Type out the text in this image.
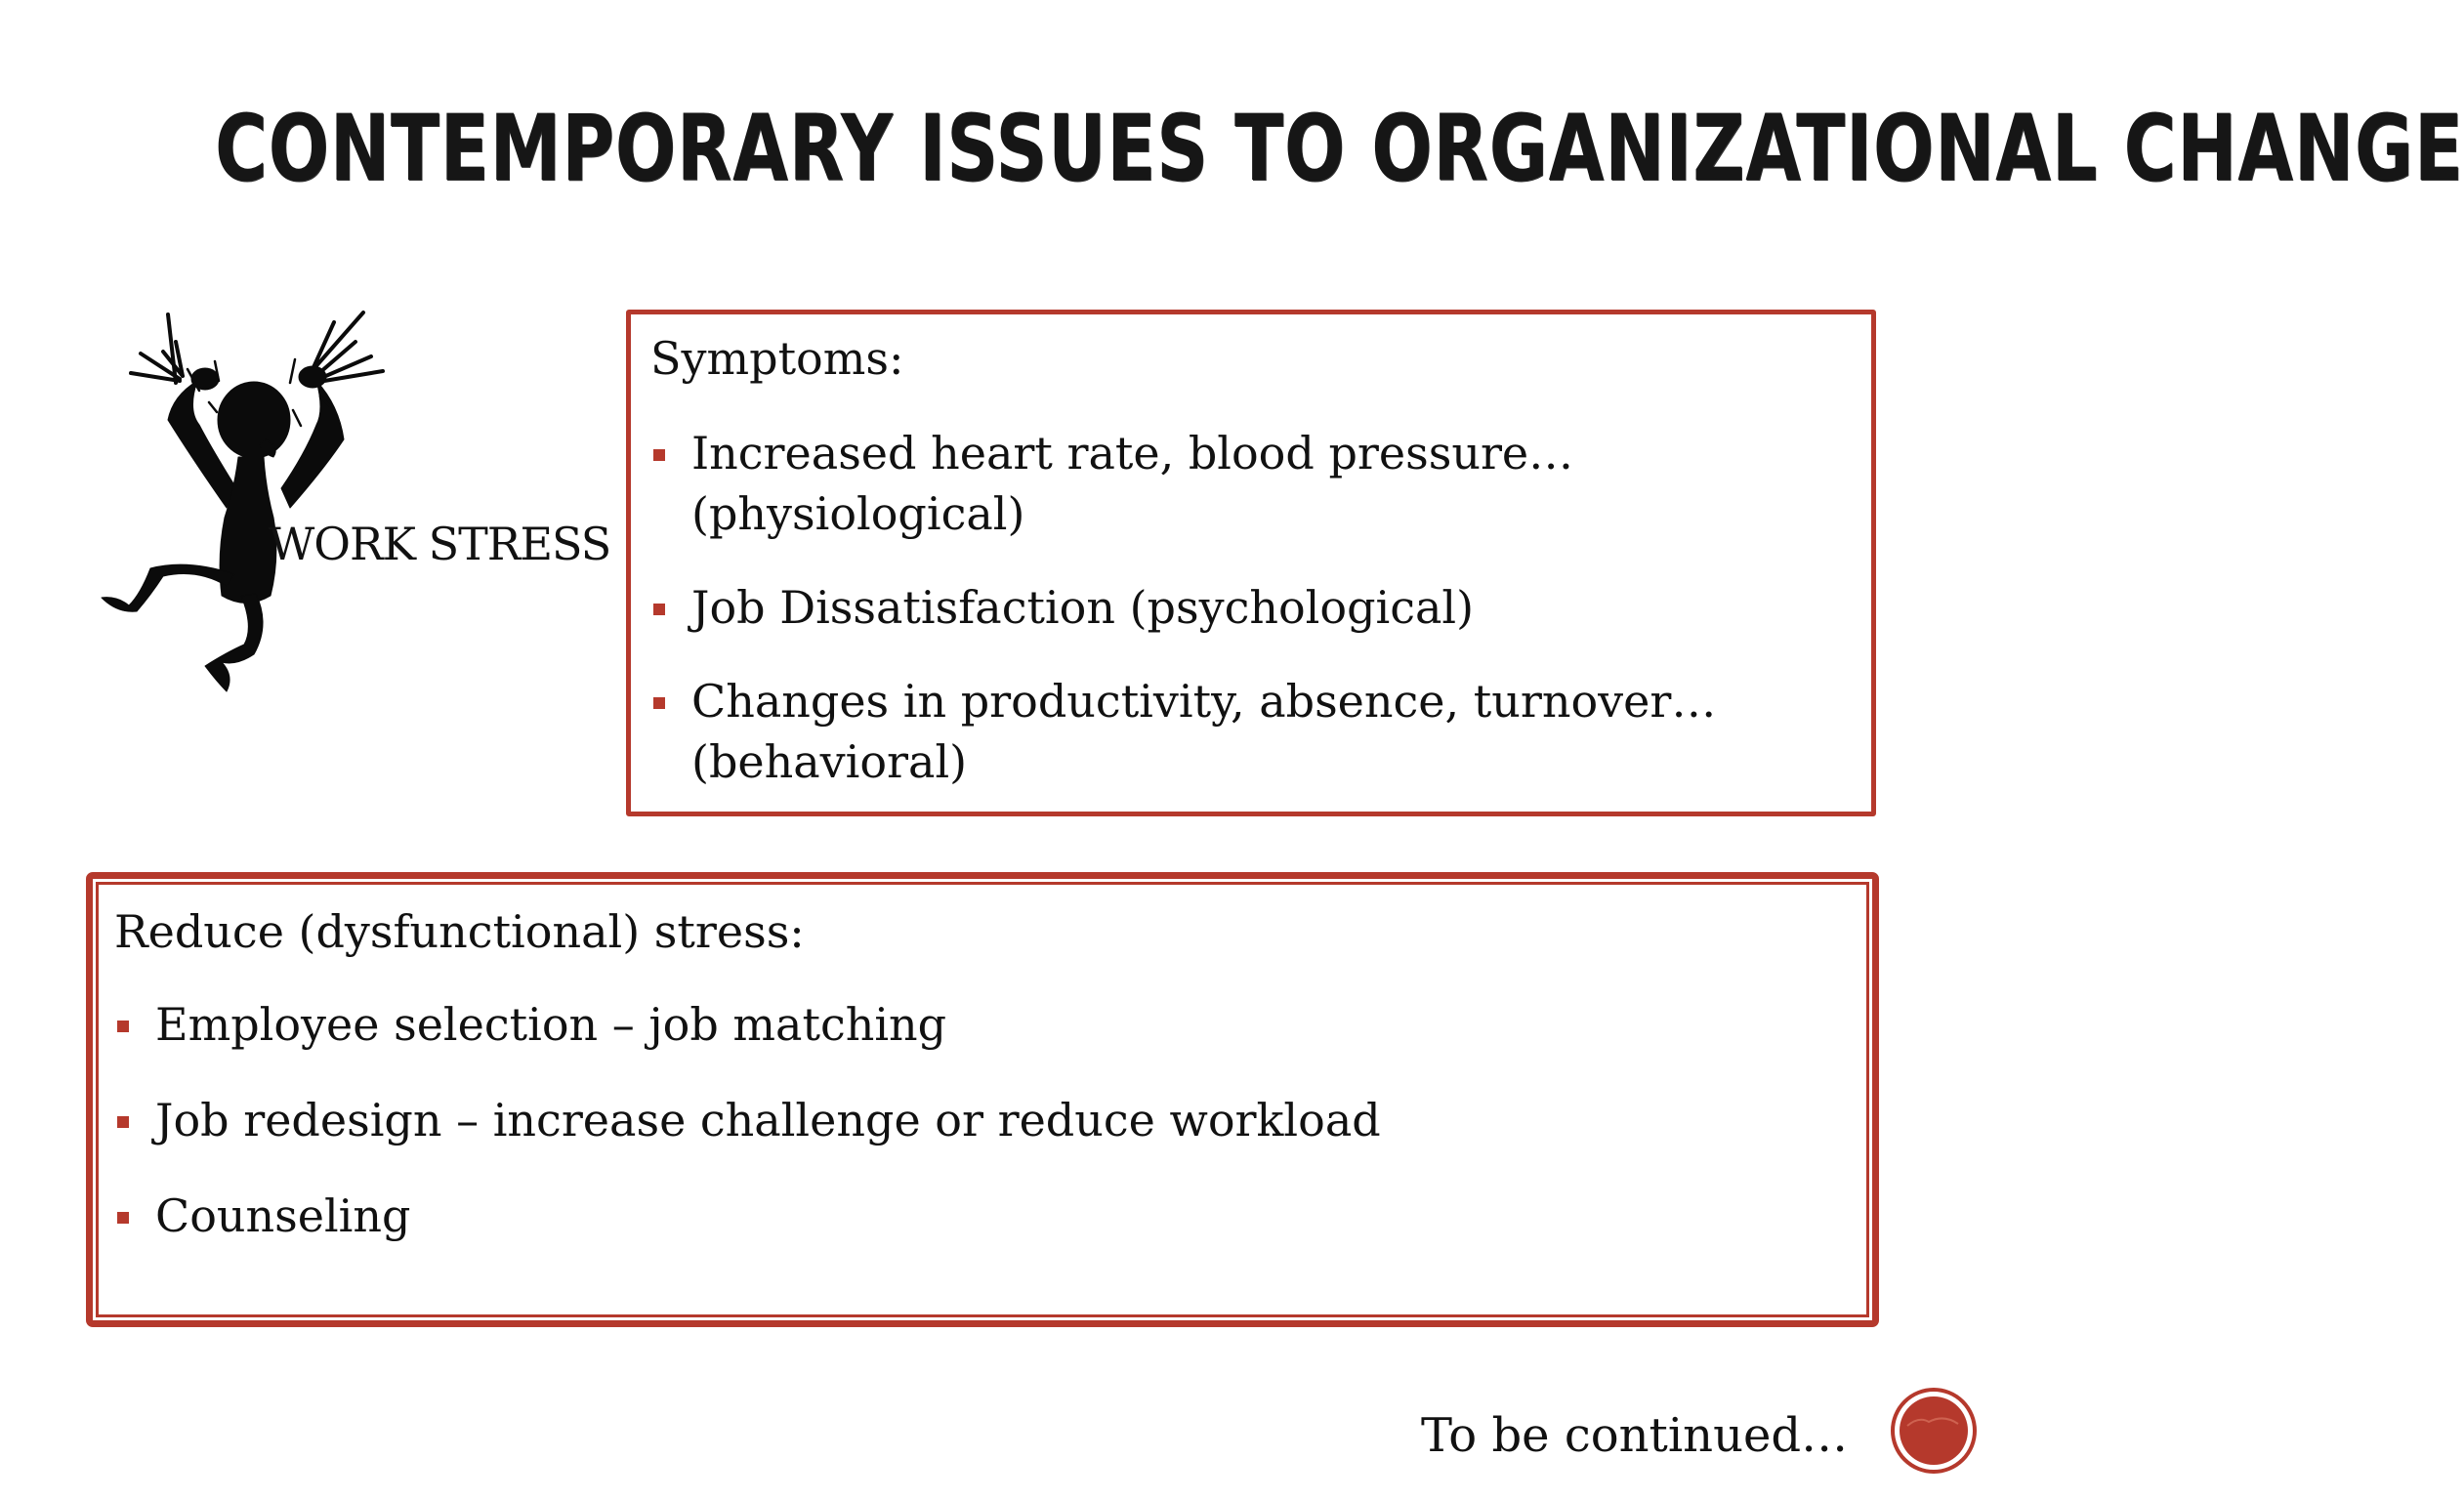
CONTEMPORARY ISSUES TO ORGANIZATIONAL CHANGE
WORK STRESS
Symptoms:
Increased heart rate, blood pressure…
(physiological)
Job Dissatisfaction (psychological)
Changes in productivity, absence, turnover…
(behavioral)
Reduce (dysfunctional) stress:
Employee selection – job matching
Job redesign – increase challenge or reduce workload
Counseling
To be continued…
